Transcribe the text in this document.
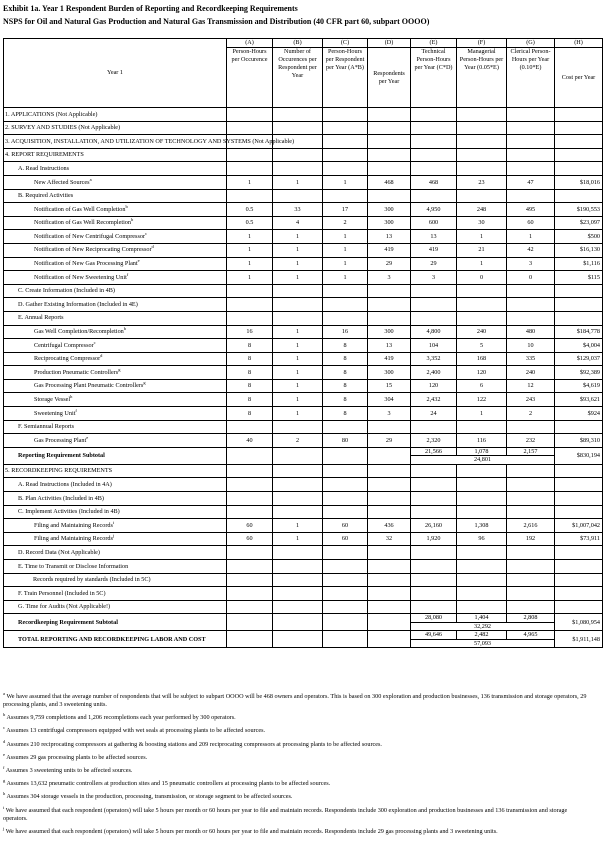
Exhibit 1a. Year 1 Respondent Burden of Reporting and Recordkeeping Requirements
NSPS for Oil and Natural Gas Production and Natural Gas Transmission and Distribution (40 CFR part 60, subpart OOOO)
Year 1	(A)	(B)	(C)	(D)	(E)	(F)	(G)	(H)
	Person-Hours per Occurence	Number of Occurences per Respondent per Year	Person-Hours per Respondent per Year (A*B)	Respondents per Year	Technical Person-Hours per Year (C*D)	Managerial Person-Hours per Year (0.05*E)	Clerical Person-Hours per Year (0.10*E)	Cost per Year
1. APPLICATIONS (Not Applicable)								
2. SURVEY AND STUDIES (Not Applicable)								
3. ACQUISITION, INSTALLATION, AND UTILIZATION OF TECHNOLOGY AND SYSTEMS (Not Applicable)								
4. REPORT REQUIREMENTS								
A. Read Instructions								
New Affected Sources$^a$	1	1	1	468	468	23	47	$18,016
B. Required Activities								
Notification of Gas Well Completion$^b$	0.5	33	17	300	4,950	248	495	$190,553
Notification of Gas Well Recompletion$^b$	0.5	4	2	300	600	30	60	$23,097
Notification of New Centrifugal Compressor$^c$	1	1	1	13	13	1	1	$500
Notification of New Reciprocating Compressor$^d$	1	1	1	419	419	21	42	$16,130
Notification of New Gas Processing Plant$^e$	1	1	1	29	29	1	3	$1,116
Notification of New Sweetening Unit$^f$	1	1	1	3	3	0	0	$115
C. Create Information (Included in 4B)								
D. Gather Existing Information (Included in 4E)								
E. Annual Reports								
Gas Well Completion/Recompletion$^b$	16	1	16	300	4,800	240	480	$184,778
Centrifugal Compressor$^c$	8	1	8	13	104	5	10	$4,004
Reciprocating Compressor$^d$	8	1	8	419	3,352	168	335	$129,037
Production Pneumatic Controllers$^g$	8	1	8	300	2,400	120	240	$92,389
Gas Processing Plant Pneumatic Controllers$^g$	8	1	8	15	120	6	12	$4,619
Storage Vessel$^h$	8	1	8	304	2,432	122	243	$93,621
Sweetening Unit$^f$	8	1	8	3	24	1	2	$924
F. Semiannual Reports								
Gas Processing Plant$^e$	40	2	80	29	2,320	116	232	$89,310
Reporting Requirement Subtotal					21,566	1,078	2,157	$830,194
					24,801			
5. RECORDKEEPING REQUIREMENTS								
A. Read Instructions (Included in 4A)								
B. Plan Activities (Included in 4B)								
C. Implement Activities (Included in 4B)								
Filing and Maintaining Records$^i$	60	1	60	436	26,160	1,308	2,616	$1,007,042
Filing and Maintaining Records$^j$	60	1	60	32	1,920	96	192	$73,911
D. Record Data (Not Applicable)								
E. Time to Transmit or Disclose Information								
Records required by standards (Included in 5C)								
F. Train Personnel (Included in 5C)								
G. Time for Audits (Not Applicable!)								
Recordkeeping Requirement Subtotal					28,080	1,404	2,808	$1,080,954
					32,292			
TOTAL REPORTING AND RECORDKEEPING LABOR AND COST					49,646	2,482	4,965	$1,911,148
					57,093			
$^a$ We have assumed that the average number of respondents that will be subject to subpart OOOO will be 468 owners and operators. This is based on 300 exploration and production businesses, 136 transmission and storage operators, 29 processing plants, and 3 sweetening units.
$^b$ Assumes 9,759 completions and 1,206 recompletions each year performed by 300 operators.
$^c$ Assumes 13 centrifugal compressors equipped with wet seals at processing plants to be affected sources.
$^d$ Assumes 210 reciprocating compressors at gathering & boosting stations and 209 reciprocating compressors at processing plants to be affected sources.
$^e$ Assumes 29 gas processing plants to be affected sources.
$^f$ Assumes 3 sweetening units to be affected sources.
$^g$ Assumes 13,632 pneumatic controllers at production sites and 15 pneumatic controllers at processing plants to be affected sources.
$^h$ Assumes 304 storage vessels in the production, processing, transmission, or storage segment to be affected sources.
$^i$ We have assumed that each respondent (operators) will take 5 hours per month or 60 hours per year to file and maintain records. Respondents include 300 exploration and production businesses and 136 transmission and storage operators.
$^j$ We have assumed that each respondent (operators) will take 5 hours per month or 60 hours per year to file and maintain records. Respondents include 29 gas processing plants and 3 sweetening units.
